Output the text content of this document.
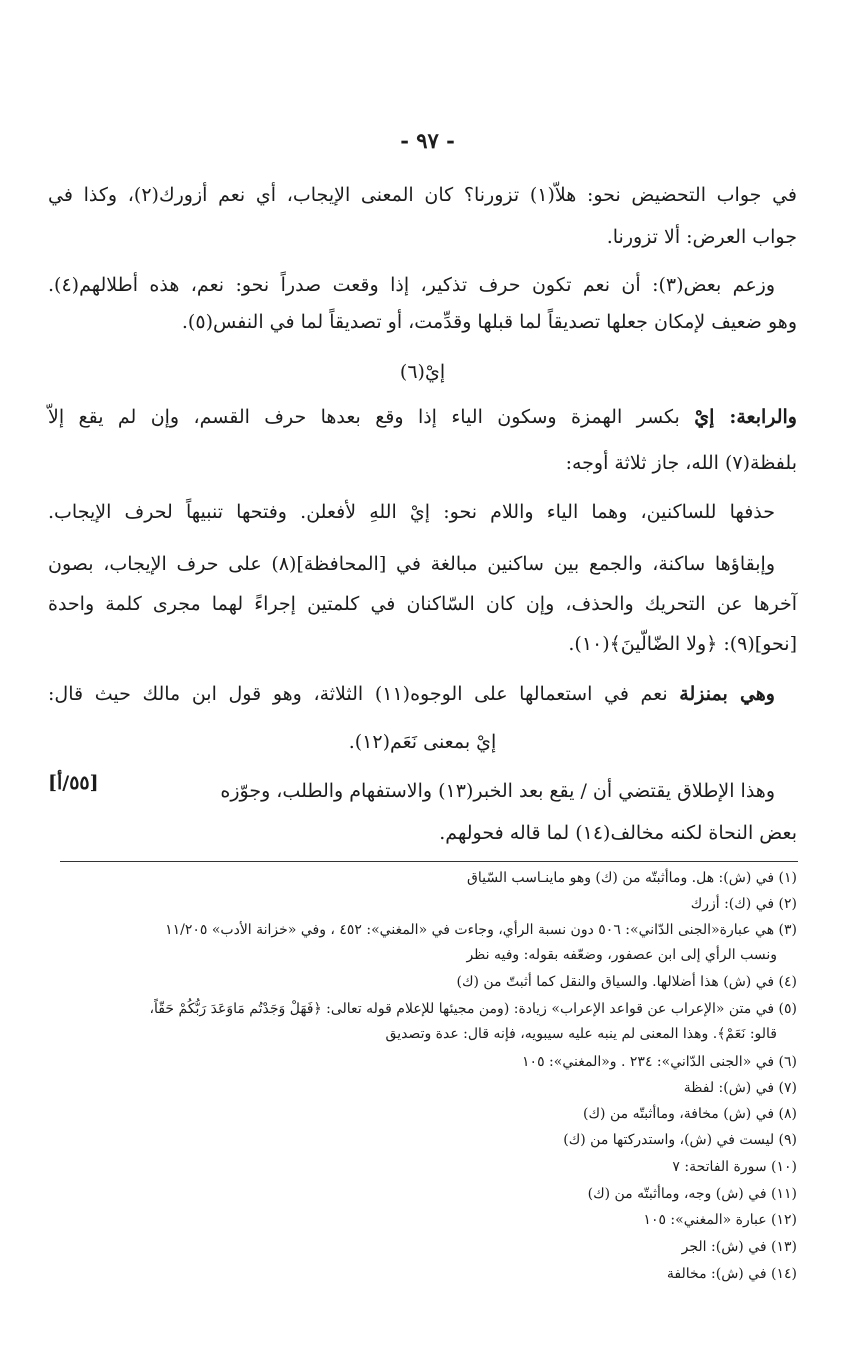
- ٩٧ -
في جواب التحضيض نحو: هلاّ(١) تزورنا؟ كان المعنى الإيجاب، أي نعم أزورك(٢)، وكذا في
جواب العرض: ألا تزورنا.
وزعم بعض(٣): أن نعم تكون حرف تذكير، إذا وقعت صدراً نحو: نعم، هذه أطلالهم(٤).
وهو ضعيف لإمكان جعلها تصديقاً لما قبلها وقدِّمت، أو تصديقاً لما في النفس(٥).
إيْ(٦)
والرابعة: إيْ بكسر الهمزة وسكون الياء إذا وقع بعدها حرف القسم، وإن لم يقع إلاّ
بلفظة(٧) الله، جاز ثلاثة أوجه:
حذفها للساكنين، وهما الياء واللام نحو: إيْ اللهِ لأفعلن. وفتحها تنبيهاً لحرف الإيجاب.
وإبقاؤها ساكنة، والجمع بين ساكنين مبالغة في [المحافظة](٨) على حرف الإيجاب، بصون
آخرها عن التحريك والحذف، وإن كان السّاكنان في كلمتين إجراءً لهما مجرى كلمة واحدة
[نحو](٩): ﴿ولا الضّالّينَ﴾(١٠).
وهي بمنزلة نعم في استعمالها على الوجوه(١١) الثلاثة، وهو قول ابن مالك حيث قال:
إيْ بمعنى نَعَم(١٢).
وهذا الإطلاق يقتضي أن / يقع بعد الخبر(١٣) والاستفهام والطلب، وجوّزه
[٥٥/أ]
بعض النحاة لكنه مخالف(١٤) لما قاله فحولهم.
(١) في (ش): هل. وماأثبتّه من (ك) وهو ماينـاسب السّياق
(٢) في (ك): أزرك
(٣) هي عبارة«الجنى الدّاني»: ٥٠٦ دون نسبة الرأي، وجاءت في «المغني»: ٤٥٢ ، وفي «خزانة الأدب» ١١/٢٠٥
ونسب الرأي إلى ابن عصفور، وضعّفه بقوله: وفيه نظر
(٤) في (ش) هذا أضلالها. والسياق والنقل كما أثبتّ من (ك)
(٥) في متن «الإعراب عن قواعد الإعراب» زيادة: (ومن مجيئها للإعلام قوله تعالى: ﴿فَهَلْ وَجَدْتُم مَاوَعَدَ رَبُّكُمْ حَقّاً،
قالو: نَعَمْ﴾. وهذا المعنى لم ينبه عليه سيبويه، فإنه قال: عدة وتصديق
(٦) في «الجنى الدّاني»: ٢٣٤ . و«المغني»: ١٠٥
(٧) في (ش): لفظة
(٨) في (ش) مخافة، وماأثبتّه من (ك)
(٩) ليست في (ش)، واستدركتها من (ك)
(١٠) سورة الفاتحة: ٧
(١١) في (ش) وجه، وماأثبتّه من (ك)
(١٢) عبارة «المغني»: ١٠٥
(١٣) في (ش): الجر
(١٤) في (ش): مخالفة
